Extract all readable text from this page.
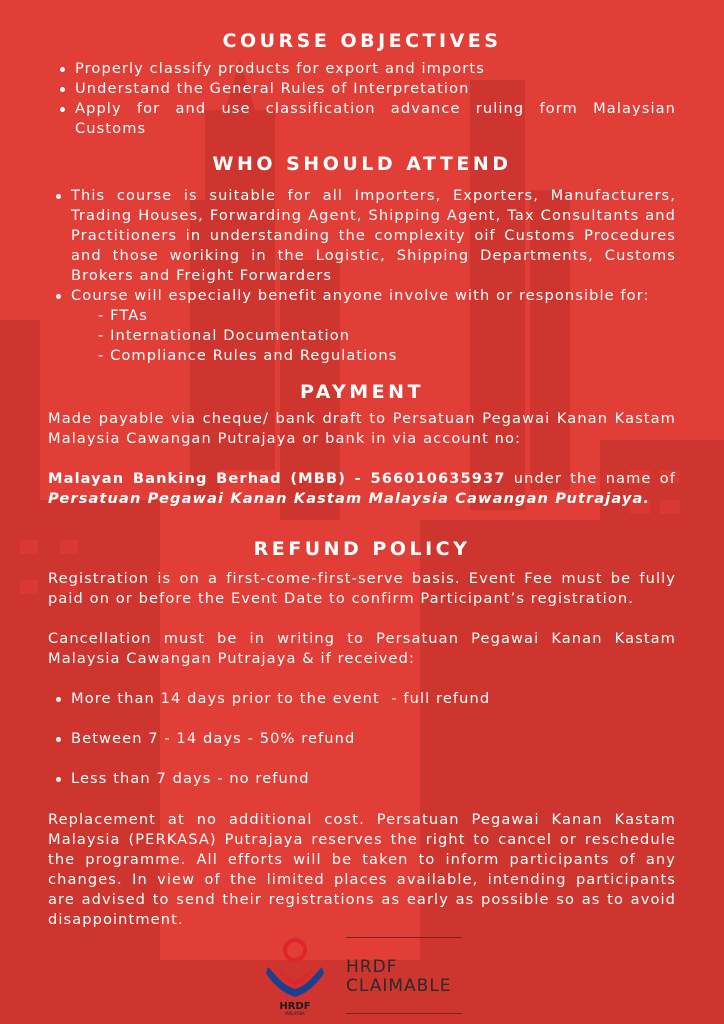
COURSE OBJECTIVES
Properly classify products for export and imports
Understand the General Rules of Interpretation
Apply for and use classification advance ruling form Malaysian Customs
WHO SHOULD ATTEND
This course is suitable for all Importers, Exporters, Manufacturers, Trading Houses, Forwarding Agent, Shipping Agent, Tax Consultants and Practitioners in understanding the complexity oif Customs Procedures and those woriking in the Logistic, Shipping Departments, Customs Brokers and Freight Forwarders
Course will especially benefit anyone involve with or responsible for:
- FTAs
- International Documentation
- Compliance Rules and Regulations
PAYMENT
Made payable via cheque/ bank draft to Persatuan Pegawai Kanan Kastam Malaysia Cawangan Putrajaya or bank in via account no:
Malayan Banking Berhad (MBB) - 566010635937 under the name of Persatuan Pegawai Kanan Kastam Malaysia Cawangan Putrajaya.
REFUND POLICY
Registration is on a first-come-first-serve basis. Event Fee must be fully paid on or before the Event Date to confirm Participant’s registration.
Cancellation must be in writing to Persatuan Pegawai Kanan Kastam Malaysia Cawangan Putrajaya & if received:
More than 14 days prior to the event  - full refund
Between 7 - 14 days - 50% refund
Less than 7 days - no refund
Replacement at no additional cost. Persatuan Pegawai Kanan Kastam Malaysia (PERKASA) Putrajaya reserves the right to cancel or reschedule the programme. All efforts will be taken to inform participants of any changes. In view of the limited places available, intending participants are advised to send their registrations as early as possible so as to avoid disappointment.
HRDF
MALAYSIA
HRDF
CLAIMABLE
